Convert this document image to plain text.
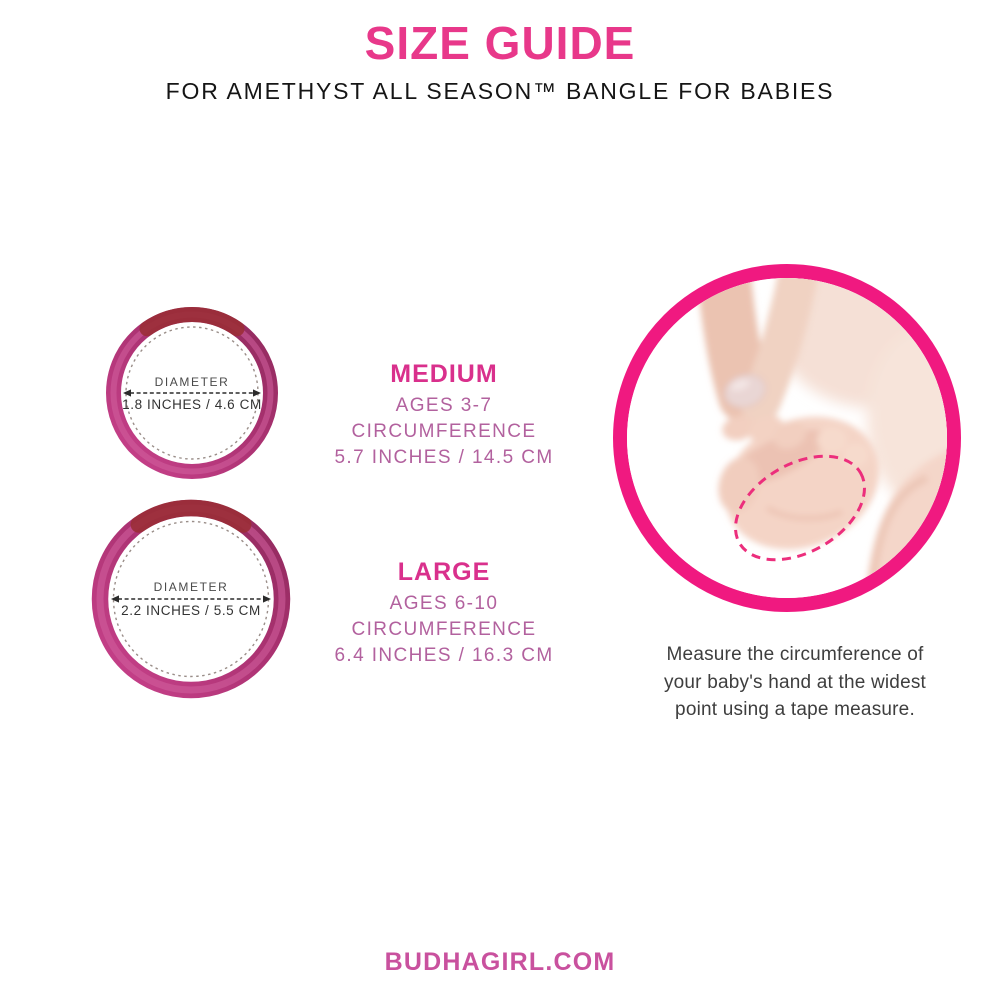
SIZE GUIDE
FOR AMETHYST ALL SEASON™ BANGLE FOR BABIES
DIAMETER
1.8 INCHES / 4.6 CM
DIAMETER
2.2 INCHES / 5.5 CM
MEDIUM
AGES 3-7
CIRCUMFERENCE
5.7 INCHES / 14.5 CM
LARGE
AGES 6-10
CIRCUMFERENCE
6.4 INCHES / 16.3 CM	Measure the circumference of
your baby's hand at the widest
point using a tape measure.
BUDHAGIRL.COM
